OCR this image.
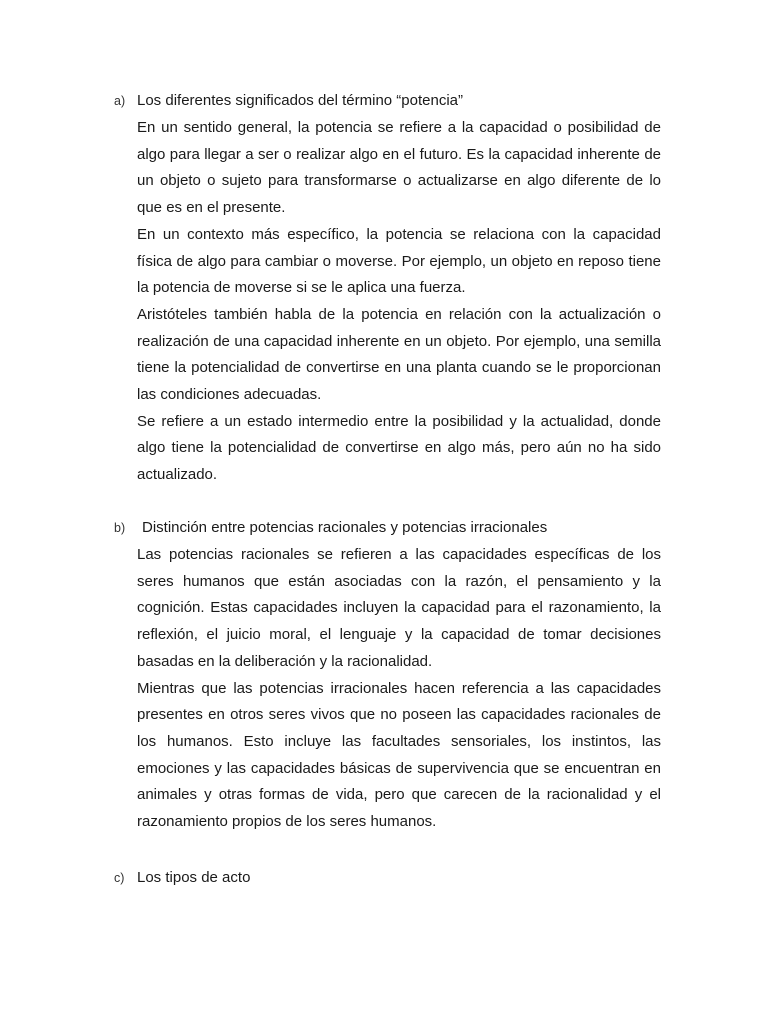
a) Los diferentes significados del término “potencia”

En un sentido general, la potencia se refiere a la capacidad o posibilidad de algo para llegar a ser o realizar algo en el futuro. Es la capacidad inherente de un objeto o sujeto para transformarse o actualizarse en algo diferente de lo que es en el presente.

En un contexto más específico, la potencia se relaciona con la capacidad física de algo para cambiar o moverse. Por ejemplo, un objeto en reposo tiene la potencia de moverse si se le aplica una fuerza.

Aristóteles también habla de la potencia en relación con la actualización o realización de una capacidad inherente en un objeto. Por ejemplo, una semilla tiene la potencialidad de convertirse en una planta cuando se le proporcionan las condiciones adecuadas.

Se refiere a un estado intermedio entre la posibilidad y la actualidad, donde algo tiene la potencialidad de convertirse en algo más, pero aún no ha sido actualizado.

b) Distinción entre potencias racionales y potencias irracionales

Las potencias racionales se refieren a las capacidades específicas de los seres humanos que están asociadas con la razón, el pensamiento y la cognición. Estas capacidades incluyen la capacidad para el razonamiento, la reflexión, el juicio moral, el lenguaje y la capacidad de tomar decisiones basadas en la deliberación y la racionalidad.

Mientras que las potencias irracionales hacen referencia a las capacidades presentes en otros seres vivos que no poseen las capacidades racionales de los humanos. Esto incluye las facultades sensoriales, los instintos, las emociones y las capacidades básicas de supervivencia que se encuentran en animales y otras formas de vida, pero que carecen de la racionalidad y el razonamiento propios de los seres humanos.

c) Los tipos de acto
